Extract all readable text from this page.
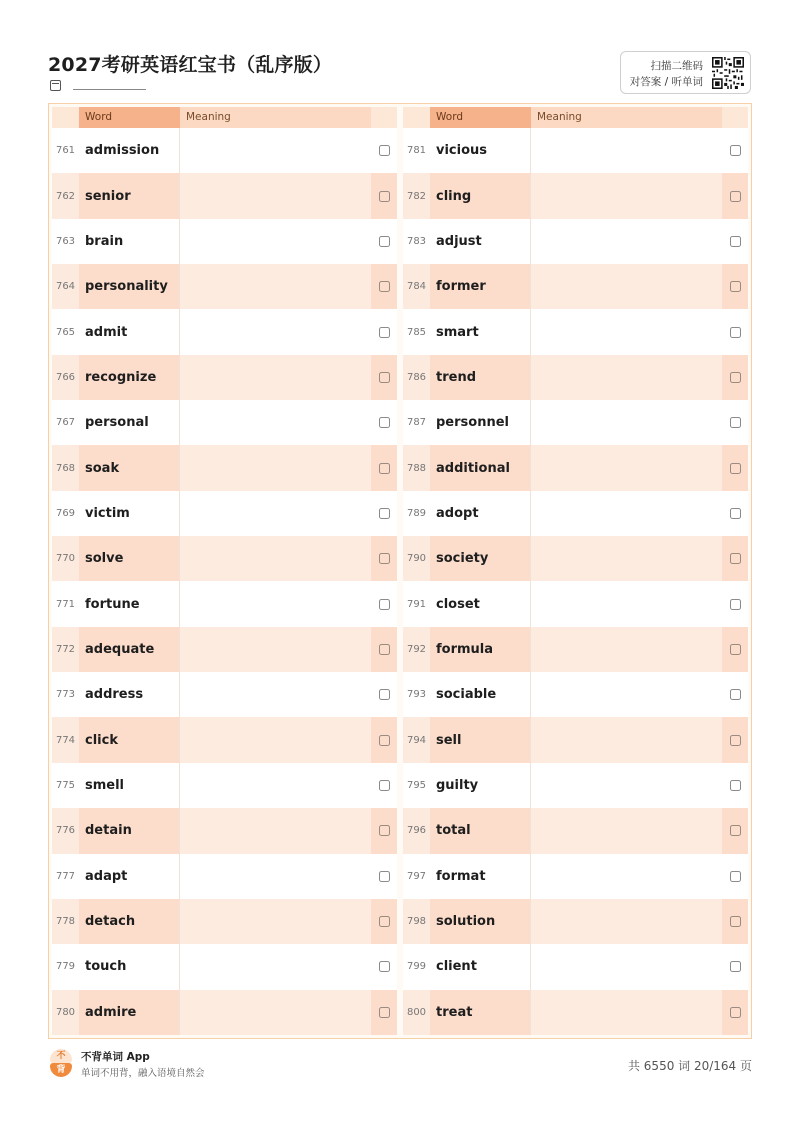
2027考研英语红宝书（乱序版）	扫描二维码
对答案 / 听单词
Word	Meaning
761 admission
762 senior
763 brain
764 personality
765 admit
766 recognize
767 personal
768 soak
769 victim
770 solve
771 fortune
772 adequate
773 address
774 click
775 smell
776 detain
777 adapt
778 detach
779 touch
780 admire
Word	Meaning
781 vicious
782 cling
783 adjust
784 former
785 smart
786 trend
787 personnel
788 additional
789 adopt
790 society
791 closet
792 formula
793 sociable
794 sell
795 guilty
796 total
797 format
798 solution
799 client
800 treat
不
背
不背单词 App
单词不用背，融入语境自然会
共 6550 词 20/164 页
